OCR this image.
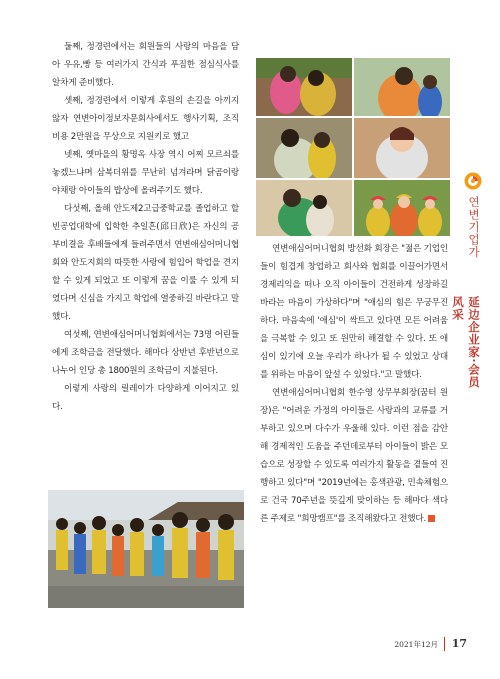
둘째, 정경련에서는 회원들의 사랑의 마음을 담아 우유,빵 등 여러가지 간식과 푸짐한 점심식사를 알차게 준비했다.

셋째, 정경련에서 이렇게 후원의 손길을 아끼지 않자 연변아이정보자문회사에서도 행사기획, 조직비용 2만원을 무상으로 지원키로 했고

넷째, 옛마을의 황명옥 사장 역시 어찌 모르쇠를 놓겠느냐며 삼복더위를 무난히 넘겨라며 닭곰이랑 야채랑 아이들의 밥상에 올려주기도 했다.

다섯째, 올해 안도제2고급중학교를 졸업하고 할빈공업대학에 입학한 추일흔(邱日欣)은 자신의 공부비결을 후배들에게 들려주면서 연변애심어머니협회와 안도지회의 따뜻한 사랑에 힘입어 학업을 견지할 수 있게 되었고 또 이렇게 꿈을 이룰 수 있게 되였다며 신심을 가지고 학업에 열중하길 바란다고 말했다.

여섯째, 연변애심어머니협회에서는 73명 어린들에게 조학금을 전달했다. 해마다 상반년 후반년으로 나누어 인당 총 1800원의 조학금이 지불된다.

이렇게 사랑의 릴레이가 다양하게 이어지고 있다.

연변애심어머니협회 방선화 회장은 "젊은 기업인들이 힘겹게 창업하고 회사와 협회를 이끌어가면서 경제리익을 떠나 오직 아이들이 건전하게 성장하길 바라는 마음이 가상하다"며 "애심의 힘은 무궁무진하다. 마음속에 '애심'이 싹트고 있다면 모든 어려움을 극복할 수 있고 또 원만히 해결할 수 있다. 또 애심이 있기에 오늘 우리가 하나가 될 수 있었고 상대를 위하는 마음이 앞설 수 있었다."고 말했다.

연변애심어머니협회 한수영 상무부회장(꿈터 원장)은 "어려운 가정의 아이들은 사랑과의 교류를 거부하고 있으며 다수가 우울해 있다. 이런 점을 감안해 경제적인 도움을 주던데로부터 아이들이 밝은 모습으로 성장할 수 있도록 여러가지 활동을 곁들여 진행하고 있다"며 "2019년에는 홍색관광, 민속체험으로 건국 70주년을 뜻깊게 맞이하는 등 해마다 색다른 주제로 "희망캠프"를 조직해왔다고 전했다.

연변기업가
延边企业家·会员风采
2021年12月 17
